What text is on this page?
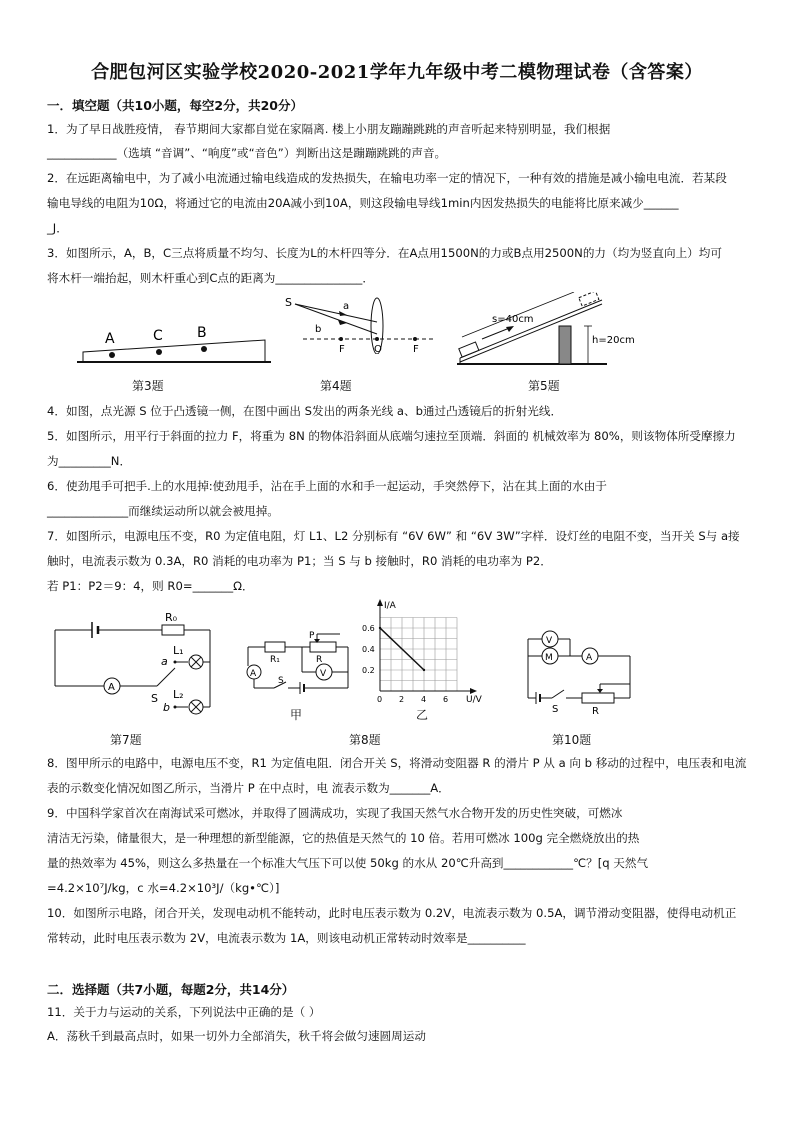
合肥包河区实验学校2020-2021学年九年级中考二模物理试卷（含答案）
一．填空题（共10小题，每空2分，共20分）
1．为了早日战胜疫情， 春节期间大家都自觉在家隔离. 楼上小朋友蹦蹦跳跳的声音听起来特别明显，我们根据
____________（选填 “音调”、“响度”或“音色”）判断出这是蹦蹦跳跳的声音。
2．在远距离输电中，为了减小电流通过输电线造成的发热损失，在输电功率一定的情况下，一种有效的措施是减小输电电流．若某段
输电导线的电阻为10Ω，将通过它的电流由20A减小到10A，则这段输电导线1min内因发热损失的电能将比原来减少______
_J．
3．如图所示，A，B，C三点将质量不均匀、长度为L的木杆四等分．在A点用1500N的力或B点用2500N的力（均为竖直向上）均可
将木杆一端抬起，则木杆重心到C点的距离为_______________．
A	C B
第3题
S	a
b
F	O	F
第4题
s=40cm
h=20cm
第5题
4．如图，点光源 S 位于凸透镜一侧，在图中画出 S发出的两条光线 a、b通过凸透镜后的折射光线．
5．如图所示，用平行于斜面的拉力 F，将重为 8N 的物体沿斜面从底端匀速拉至顶端．斜面的 机械效率为 80%，则该物体所受摩擦力
为_________N．
6．使劲甩手可把手.上的水甩掉:使劲甩手，沾在手上面的水和手一起运动，手突然停下，沾在其上面的水由于
______________而继续运动所以就会被甩掉。
7．如图所示，电源电压不变，R0 为定值电阻，灯 L1、L2 分别标有 “6V 6W” 和 “6V 3W”字样．设灯丝的电阻不变，当开关 S与 a接
触时，电流表示数为 0.3A，R0 消耗的电功率为 P1；当 S 与 b 接触时，R0 消耗的电功率为 P2．
若 P1：P2＝9：4，则 R0=_______Ω．
R₀
A
L₁
L₂
a
b
S
第7题
R₁	R
P
V
A
S
甲
I/A
U/V
0 2 4 6
0.2
0.4
0.6
乙
第8题
V
M	A
S	R
第10题
8．图甲所示的电路中，电源电压不变，R1 为定值电阻．闭合开关 S，将滑动变阻器 R 的滑片 P 从 a 向 b 移动的过程中，电压表和电流
表的示数变化情况如图乙所示，当滑片 P 在中点时，电 流表示数为_______A．
9．中国科学家首次在南海试采可燃冰，并取得了圆满成功，实现了我国天然气水合物开发的历史性突破，可燃冰
清洁无污染，储量很大，是一种理想的新型能源，它的热值是天然气的 10 倍。若用可燃冰 100g 完全燃烧放出的热
量的热效率为 45%，则这么多热量在一个标准大气压下可以使 50kg 的水从 20℃升高到____________℃？[q 天然气
=4.2×10⁷J/kg，c 水=4.2×10³J/（kg•℃）]
10．如图所示电路，闭合开关，发现电动机不能转动，此时电压表示数为 0.2V，电流表示数为 0.5A，调节滑动变阻器，使得电动机正
常转动，此时电压表示数为 2V，电流表示数为 1A，则该电动机正常转动时效率是__________
二．选择题（共7小题，每题2分，共14分）
11．关于力与运动的关系，下列说法中正确的是（ ）
A．荡秋千到最高点时，如果一切外力全部消失，秋千将会做匀速圆周运动
